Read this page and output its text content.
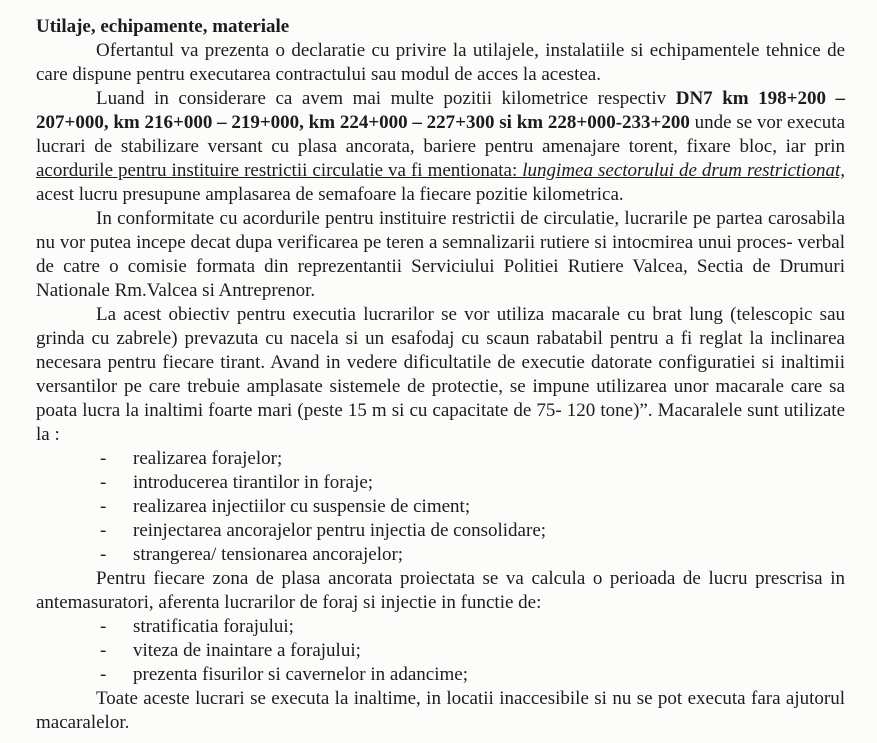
Utilaje, echipamente, materiale

Ofertantul va prezenta o declaratie cu privire la utilajele, instalatiile si echipamentele tehnice de care dispune pentru executarea contractului sau modul de acces la acestea.

Luand in considerare ca avem mai multe pozitii kilometrice respectiv DN7 km 198+200 – 207+000, km 216+000 – 219+000, km 224+000 – 227+300 si km 228+000-233+200 unde se vor executa lucrari de stabilizare versant cu plasa ancorata, bariere pentru amenajare torent, fixare bloc, iar prin acordurile pentru instituire restrictii circulatie va fi mentionata: lungimea sectorului de drum restrictionat, acest lucru presupune amplasarea de semafoare la fiecare pozitie kilometrica.

In conformitate cu acordurile pentru instituire restrictii de circulatie, lucrarile pe partea carosabila nu vor putea incepe decat dupa verificarea pe teren a semnalizarii rutiere si intocmirea unui proces- verbal de catre o comisie formata din reprezentantii Serviciului Politiei Rutiere Valcea, Sectia de Drumuri Nationale Rm.Valcea si Antreprenor.

La acest obiectiv pentru executia lucrarilor se vor utiliza macarale cu brat lung (telescopic sau grinda cu zabrele) prevazuta cu nacela si un esafodaj cu scaun rabatabil pentru a fi reglat la inclinarea necesara pentru fiecare tirant. Avand in vedere dificultatile de executie datorate configuratiei si inaltimii versantilor pe care trebuie amplasate sistemele de protectie, se impune utilizarea unor macarale care sa poata lucra la inaltimi foarte mari (peste 15 m si cu capacitate de 75- 120 tone)”. Macaralele sunt utilizate la :

- realizarea forajelor;
- introducerea tirantilor in foraje;
- realizarea injectiilor cu suspensie de ciment;
- reinjectarea ancorajelor pentru injectia de consolidare;
- strangerea/ tensionarea ancorajelor;

Pentru fiecare zona de plasa ancorata proiectata se va calcula o perioada de lucru prescrisa in antemasuratori, aferenta lucrarilor de foraj si injectie in functie de:

- stratificatia forajului;
- viteza de inaintare a forajului;
- prezenta fisurilor si cavernelor in adancime;

Toate aceste lucrari se executa la inaltime, in locatii inaccesibile si nu se pot executa fara ajutorul macaralelor.
